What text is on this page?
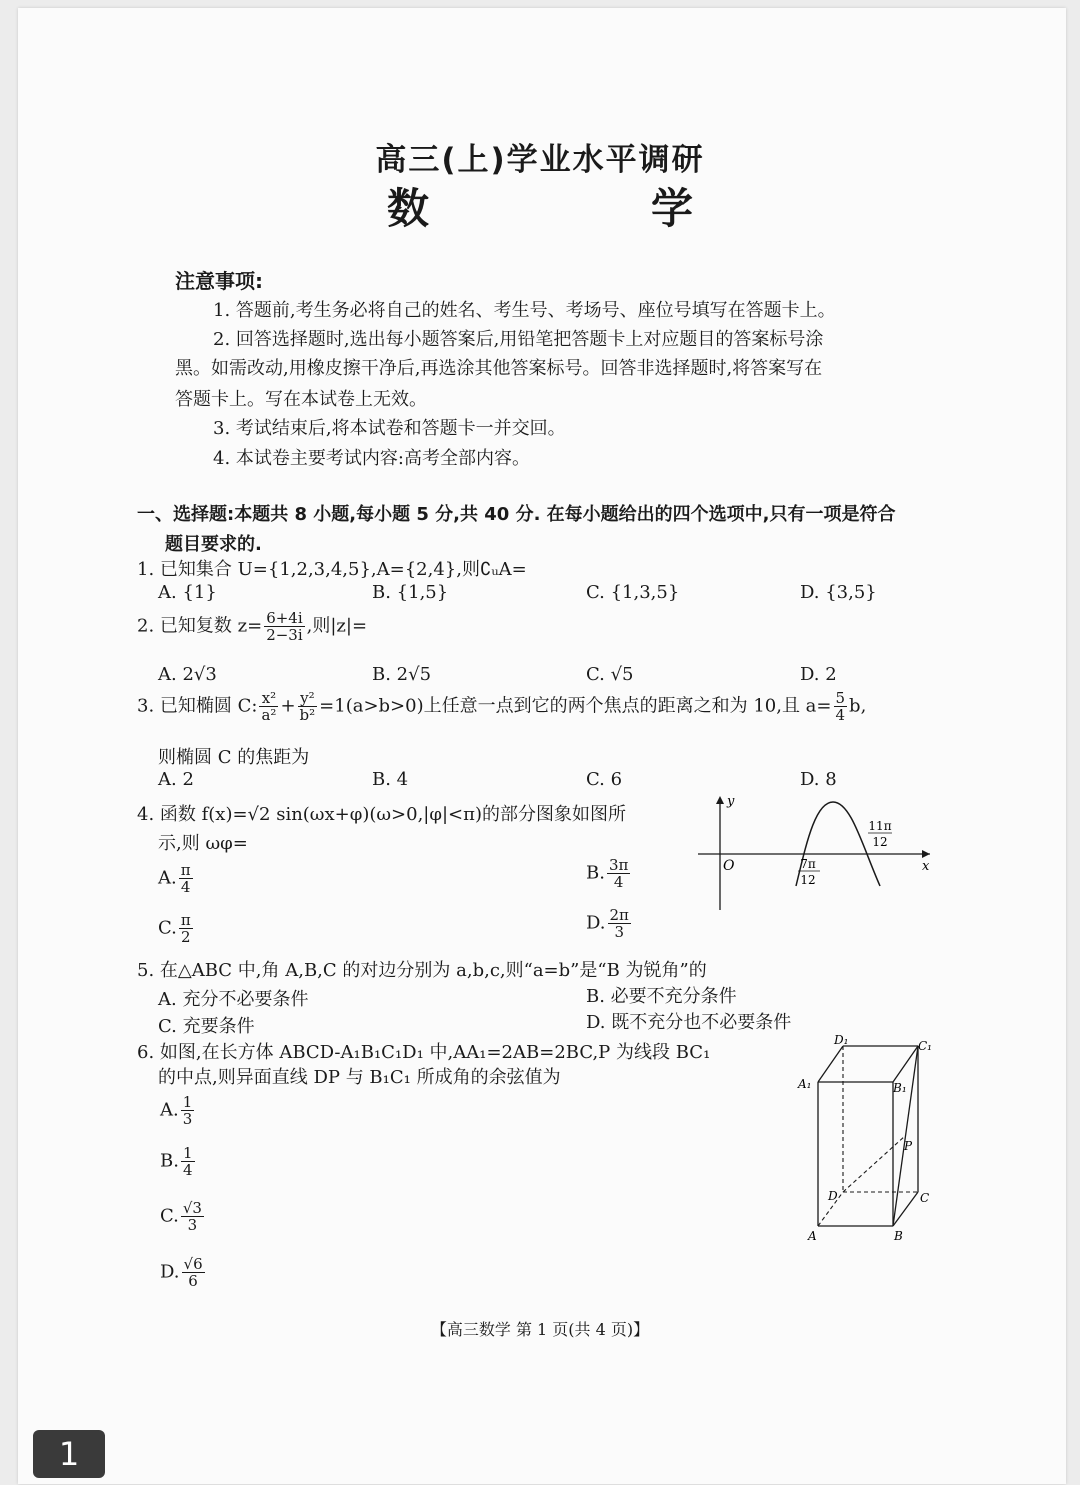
高三(上)学业水平调研
数　学
注意事项:
1. 答题前,考生务必将自己的姓名、考生号、考场号、座位号填写在答题卡上。
2. 回答选择题时,选出每小题答案后,用铅笔把答题卡上对应题目的答案标号涂
黑。如需改动,用橡皮擦干净后,再选涂其他答案标号。回答非选择题时,将答案写在
答题卡上。写在本试卷上无效。
3. 考试结束后,将本试卷和答题卡一并交回。
4. 本试卷主要考试内容:高考全部内容。
一、选择题:本题共 8 小题,每小题 5 分,共 40 分. 在每小题给出的四个选项中,只有一项是符合
题目要求的.
1. 已知集合 U={1,2,3,4,5},A={2,4},则∁ᵤA=
A. {1}	B. {1,5}	C. {1,3,5}	D. {3,5}
2. 已知复数 $z= \frac{6+4i}{2-3i}$ ,则|z|=
A. 2√3	B. 2√5	C. √5	D. 2
3. 已知椭圆 C: $\frac{\text{x²}}{\text{a²}} + \frac{\text{y²}}{\text{b²}} =1(a>b>0)$上任意一点到它的两个焦点的距离之和为 10,且 $a= \frac{5}{4} b$,
则椭圆 C 的焦距为
A. 2	B. 4	C. 6	D. 8
4. 函数 f(x)=√2 sin(ωx+φ)(ω>0,|φ|<π)的部分图象如图所
示,则 ωφ=
A. $\frac{\pi}{4}$	B. $\frac{3\pi}{4}$
C. $\frac{\pi}{2}$	D. $\frac{2\pi}{3}$
y
x
O	7π
12
11π
12
5. 在△ABC 中,角 A,B,C 的对边分别为 a,b,c,则“a=b”是“B 为锐角”的
A. 充分不必要条件	B. 必要不充分条件
C. 充要条件	D. 既不充分也不必要条件
6. 如图,在长方体 ABCD-A₁B₁C₁D₁ 中,AA₁=2AB=2BC,P 为线段 BC₁
的中点,则异面直线 DP 与 B₁C₁ 所成角的余弦值为
A. $\frac{1}{3}$
B. $\frac{1}{4}$
C. $\frac{√3}{3}$
D. $\frac{√6}{6}$
D₁	C₁
A₁	B₁
P
D	C
A	B
【高三数学 第 1 页(共 4 页)】
1
